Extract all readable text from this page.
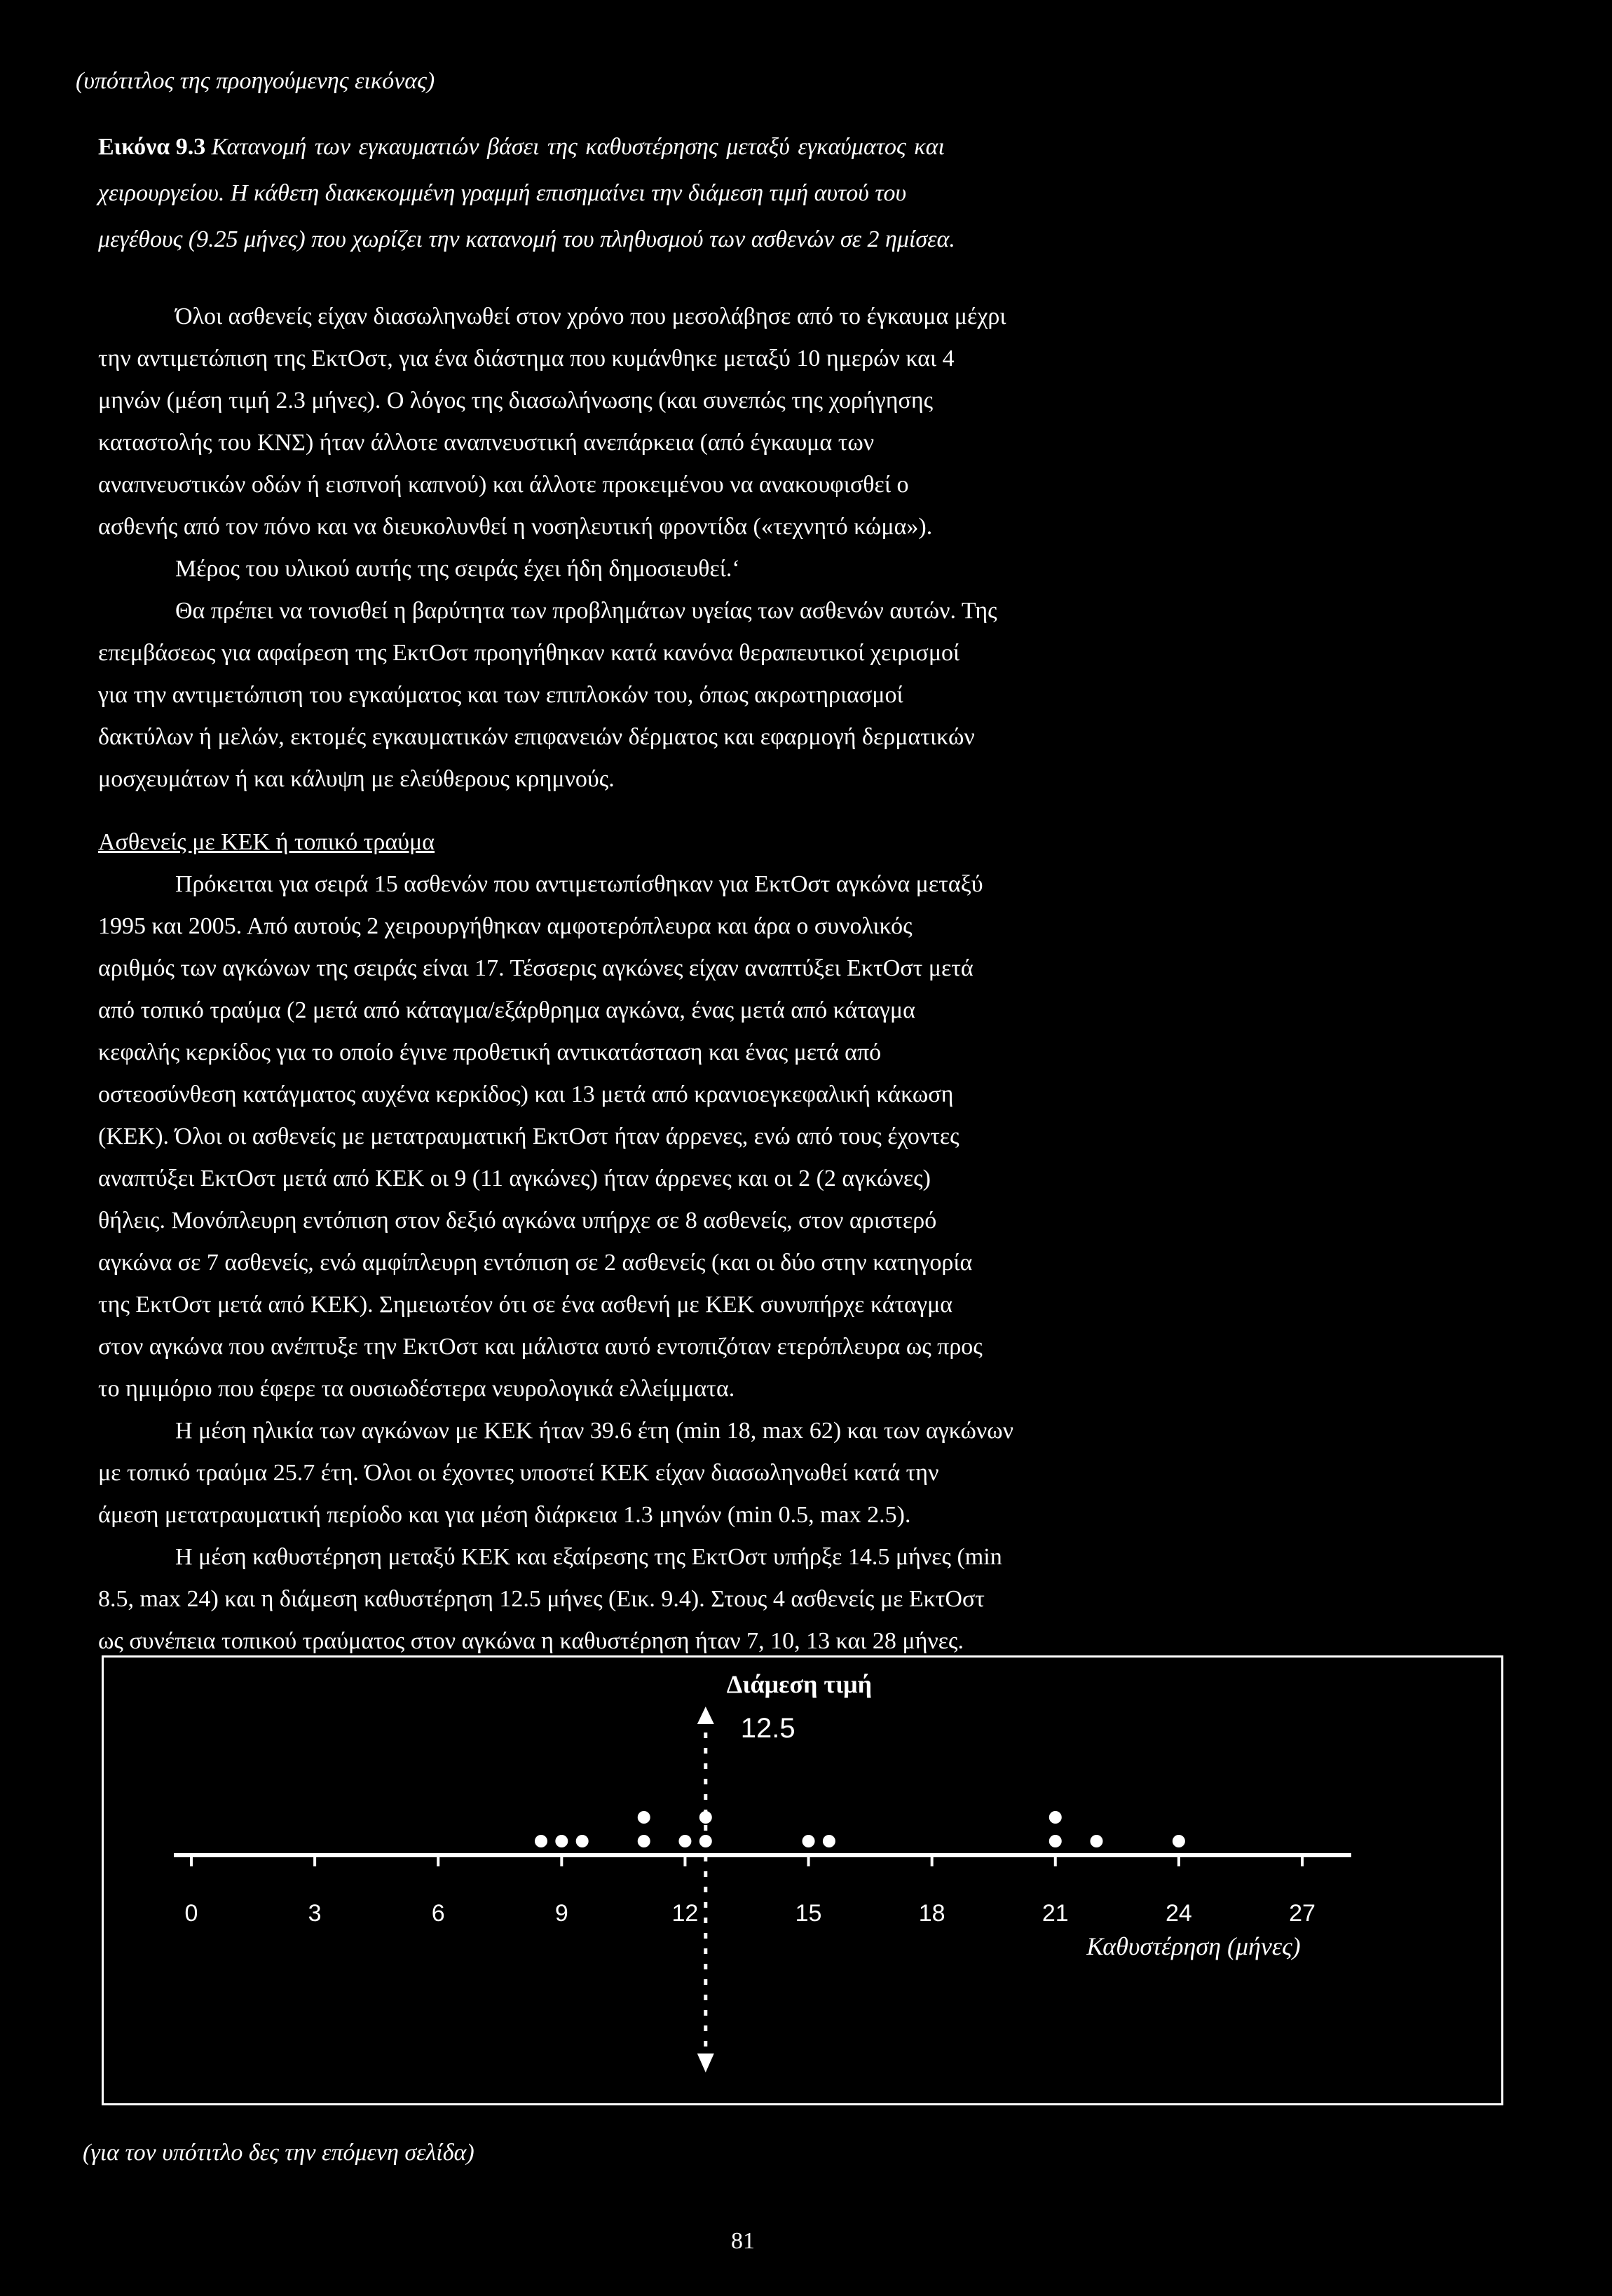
(υπότιτλος της προηγούμενης εικόνας)
Εικόνα 9.3 Κατανομή των εγκαυματιών βάσει της καθυστέρησης μεταξύ εγκαύματος και
χειρουργείου. Η κάθετη διακεκομμένη γραμμή επισημαίνει την διάμεση τιμή αυτού του
μεγέθους (9.25 μήνες) που χωρίζει την κατανομή του πληθυσμού των ασθενών σε 2 ημίσεα.
Όλοι ασθενείς είχαν διασωληνωθεί στον χρόνο που μεσολάβησε από το έγκαυμα μέχρι
την αντιμετώπιση της ΕκτΟστ, για ένα διάστημα που κυμάνθηκε μεταξύ 10 ημερών και 4
μηνών (μέση τιμή 2.3 μήνες). Ο λόγος της διασωλήνωσης (και συνεπώς της χορήγησης
καταστολής του ΚΝΣ) ήταν άλλοτε αναπνευστική ανεπάρκεια (από έγκαυμα των
αναπνευστικών οδών ή εισπνοή καπνού) και άλλοτε προκειμένου να ανακουφισθεί ο
ασθενής από τον πόνο και να διευκολυνθεί η νοσηλευτική φροντίδα («τεχνητό κώμα»).
Μέρος του υλικού αυτής της σειράς έχει ήδη δημοσιευθεί.‘
Θα πρέπει να τονισθεί η βαρύτητα των προβλημάτων υγείας των ασθενών αυτών. Της
επεμβάσεως για αφαίρεση της ΕκτΟστ προηγήθηκαν κατά κανόνα θεραπευτικοί χειρισμοί
για την αντιμετώπιση του εγκαύματος και των επιπλοκών του, όπως ακρωτηριασμοί
δακτύλων ή μελών, εκτομές εγκαυματικών επιφανειών δέρματος και εφαρμογή δερματικών
μοσχευμάτων ή και κάλυψη με ελεύθερους κρημνούς.
Ασθενείς με ΚΕΚ ή τοπικό τραύμα
Πρόκειται για σειρά 15 ασθενών που αντιμετωπίσθηκαν για ΕκτΟστ αγκώνα μεταξύ
1995 και 2005. Από αυτούς 2 χειρουργήθηκαν αμφοτερόπλευρα και άρα ο συνολικός
αριθμός των αγκώνων της σειράς είναι 17. Τέσσερις αγκώνες είχαν αναπτύξει ΕκτΟστ μετά
από τοπικό τραύμα (2 μετά από κάταγμα/εξάρθρημα αγκώνα, ένας μετά από κάταγμα
κεφαλής κερκίδος για το οποίο έγινε προθετική αντικατάσταση και ένας μετά από
οστεοσύνθεση κατάγματος αυχένα κερκίδος) και 13 μετά από κρανιοεγκεφαλική κάκωση
(ΚΕΚ). Όλοι οι ασθενείς με μετατραυματική ΕκτΟστ ήταν άρρενες, ενώ από τους έχοντες
αναπτύξει ΕκτΟστ μετά από ΚΕΚ οι 9 (11 αγκώνες) ήταν άρρενες και οι 2 (2 αγκώνες)
θήλεις. Μονόπλευρη εντόπιση στον δεξιό αγκώνα υπήρχε σε 8 ασθενείς, στον αριστερό
αγκώνα σε 7 ασθενείς, ενώ αμφίπλευρη εντόπιση σε 2 ασθενείς (και οι δύο στην κατηγορία
της ΕκτΟστ μετά από ΚΕΚ). Σημειωτέον ότι σε ένα ασθενή με ΚΕΚ συνυπήρχε κάταγμα
στον αγκώνα που ανέπτυξε την ΕκτΟστ και μάλιστα αυτό εντοπιζόταν ετερόπλευρα ως προς
το ημιμόριο που έφερε τα ουσιωδέστερα νευρολογικά ελλείμματα.
Η μέση ηλικία των αγκώνων με ΚΕΚ ήταν 39.6 έτη (min 18, max 62) και των αγκώνων
με τοπικό τραύμα 25.7 έτη. Όλοι οι έχοντες υποστεί ΚΕΚ είχαν διασωληνωθεί κατά την
άμεση μετατραυματική περίοδο και για μέση διάρκεια 1.3 μηνών (min 0.5, max 2.5).
Η μέση καθυστέρηση μεταξύ ΚΕΚ και εξαίρεσης της ΕκτΟστ υπήρξε 14.5 μήνες (min
8.5, max 24) και η διάμεση καθυστέρηση 12.5 μήνες (Εικ. 9.4). Στους 4 ασθενείς με ΕκτΟστ
ως συνέπεια τοπικού τραύματος στον αγκώνα η καθυστέρηση ήταν 7, 10, 13 και 28 μήνες.
0	3	6	9	12	15	18	21	24	27
Καθυστέρηση (μήνες)
Διάμεση τιμή
12.5
(για τον υπότιτλο δες την επόμενη σελίδα)
81
